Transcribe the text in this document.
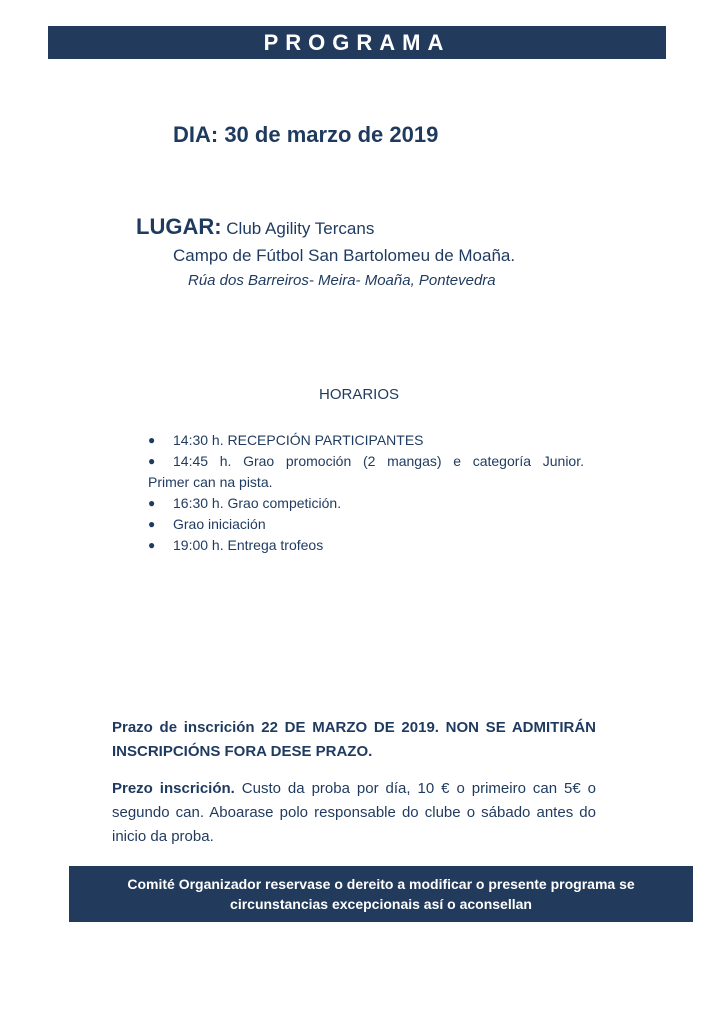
PROGRAMA
DIA: 30 de marzo de 2019
LUGAR: Club Agility Tercans
Campo de Fútbol San Bartolomeu de Moaña.
Rúa dos Barreiros- Meira- Moaña, Pontevedra
HORARIOS
●	14:30 h. RECEPCIÓN PARTICIPANTES
●	14:45 h. Grao promoción (2 mangas) e categoría Junior.
Primer can na pista.
●	16:30 h. Grao competición.
●	Grao iniciación
●	19:00 h. Entrega trofeos
Prazo de inscrición 22 DE MARZO DE 2019. NON SE ADMITIRÁN INSCRIPCIÓNS FORA DESE PRAZO.
Prezo inscrición. Custo da proba por día, 10 € o primeiro can 5€ o segundo can. Aboarase polo responsable do clube o sábado antes do inicio da proba.
Comité Organizador reservase o dereito a modificar o presente programa se
circunstancias excepcionais así o aconsellan
